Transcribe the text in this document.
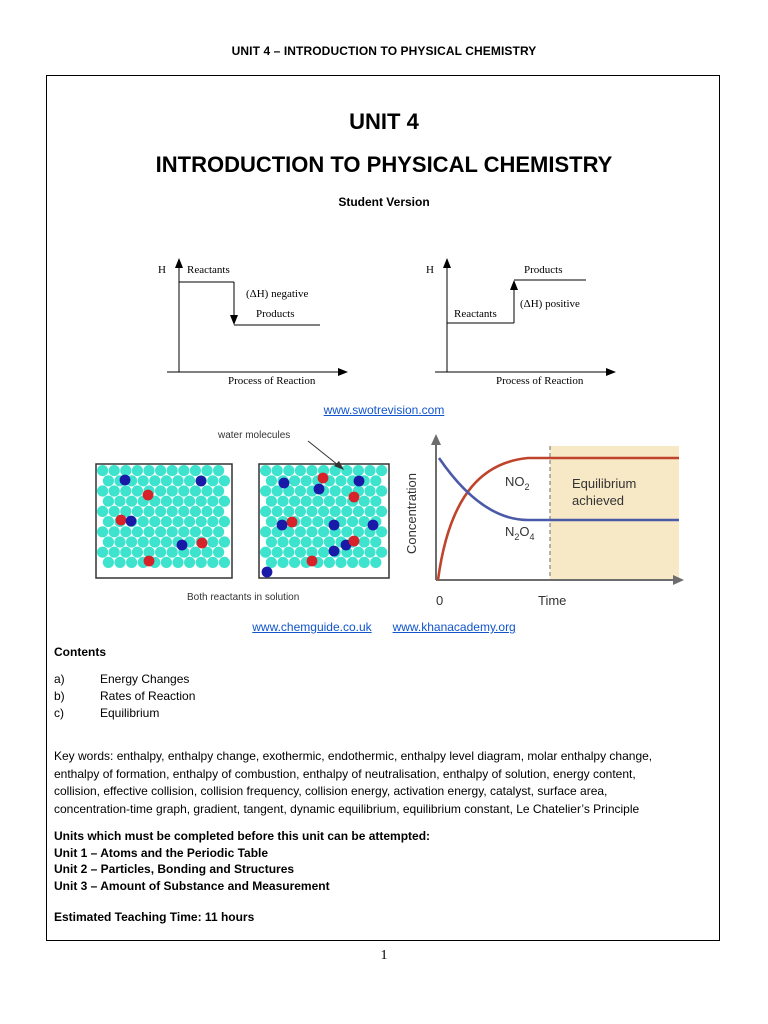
UNIT 4 – INTRODUCTION TO PHYSICAL CHEMISTRY
UNIT 4
INTRODUCTION TO PHYSICAL CHEMISTRY
Student Version
H Reactants
(ΔH) negative
Products
Process of Reaction
H	Products
(ΔH) positive
Reactants
Process of Reaction
www.swotrevision.com
water molecules
Both reactants in solution
Concentration
Time
0
$NO_2$
$N_2O_4$
Equilibrium
achieved
www.chemguide.co.uk www.khanacademy.org
Contents
a)	Energy Changes
b)	Rates of Reaction
c)	Equilibrium
Key words: enthalpy, enthalpy change, exothermic, endothermic, enthalpy level diagram, molar enthalpy change,
enthalpy of formation, enthalpy of combustion, enthalpy of neutralisation, enthalpy of solution, energy content,
collision, effective collision, collision frequency, collision energy, activation energy, catalyst, surface area,
concentration-time graph, gradient, tangent, dynamic equilibrium, equilibrium constant, Le Chatelier’s Principle
Units which must be completed before this unit can be attempted:
Unit 1 – Atoms and the Periodic Table
Unit 2 – Particles, Bonding and Structures
Unit 3 – Amount of Substance and Measurement
Estimated Teaching Time: 11 hours
1
